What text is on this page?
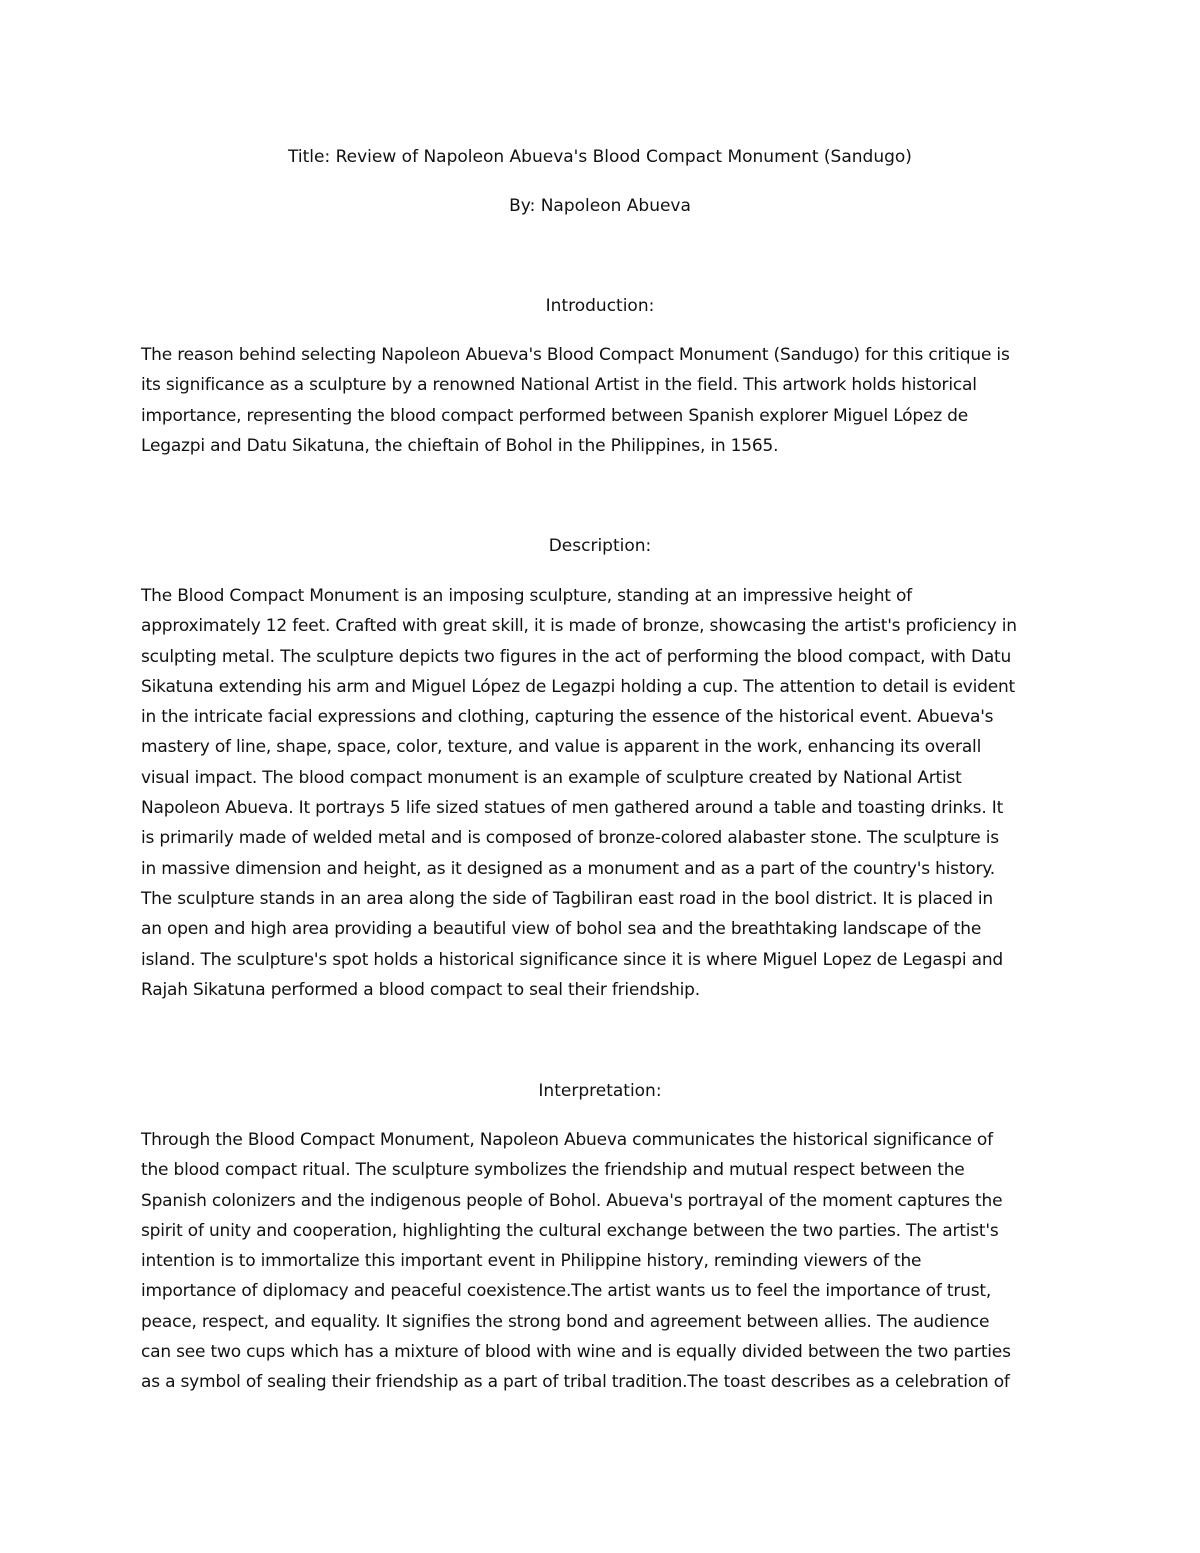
Title: Review of Napoleon Abueva's Blood Compact Monument (Sandugo)
By: Napoleon Abueva
Introduction:
The reason behind selecting Napoleon Abueva's Blood Compact Monument (Sandugo) for this critique is
its significance as a sculpture by a renowned National Artist in the field. This artwork holds historical
importance, representing the blood compact performed between Spanish explorer Miguel López de
Legazpi and Datu Sikatuna, the chieftain of Bohol in the Philippines, in 1565.
Description:
The Blood Compact Monument is an imposing sculpture, standing at an impressive height of
approximately 12 feet. Crafted with great skill, it is made of bronze, showcasing the artist's proficiency in
sculpting metal. The sculpture depicts two figures in the act of performing the blood compact, with Datu
Sikatuna extending his arm and Miguel López de Legazpi holding a cup. The attention to detail is evident
in the intricate facial expressions and clothing, capturing the essence of the historical event. Abueva's
mastery of line, shape, space, color, texture, and value is apparent in the work, enhancing its overall
visual impact. The blood compact monument is an example of sculpture created by National Artist
Napoleon Abueva. It portrays 5 life sized statues of men gathered around a table and toasting drinks. It
is primarily made of welded metal and is composed of bronze-colored alabaster stone. The sculpture is
in massive dimension and height, as it designed as a monument and as a part of the country's history.
The sculpture stands in an area along the side of Tagbiliran east road in the bool district. It is placed in
an open and high area providing a beautiful view of bohol sea and the breathtaking landscape of the
island. The sculpture's spot holds a historical significance since it is where Miguel Lopez de Legaspi and
Rajah Sikatuna performed a blood compact to seal their friendship.
Interpretation:
Through the Blood Compact Monument, Napoleon Abueva communicates the historical significance of
the blood compact ritual. The sculpture symbolizes the friendship and mutual respect between the
Spanish colonizers and the indigenous people of Bohol. Abueva's portrayal of the moment captures the
spirit of unity and cooperation, highlighting the cultural exchange between the two parties. The artist's
intention is to immortalize this important event in Philippine history, reminding viewers of the
importance of diplomacy and peaceful coexistence.The artist wants us to feel the importance of trust,
peace, respect, and equality. It signifies the strong bond and agreement between allies. The audience
can see two cups which has a mixture of blood with wine and is equally divided between the two parties
as a symbol of sealing their friendship as a part of tribal tradition.The toast describes as a celebration of
